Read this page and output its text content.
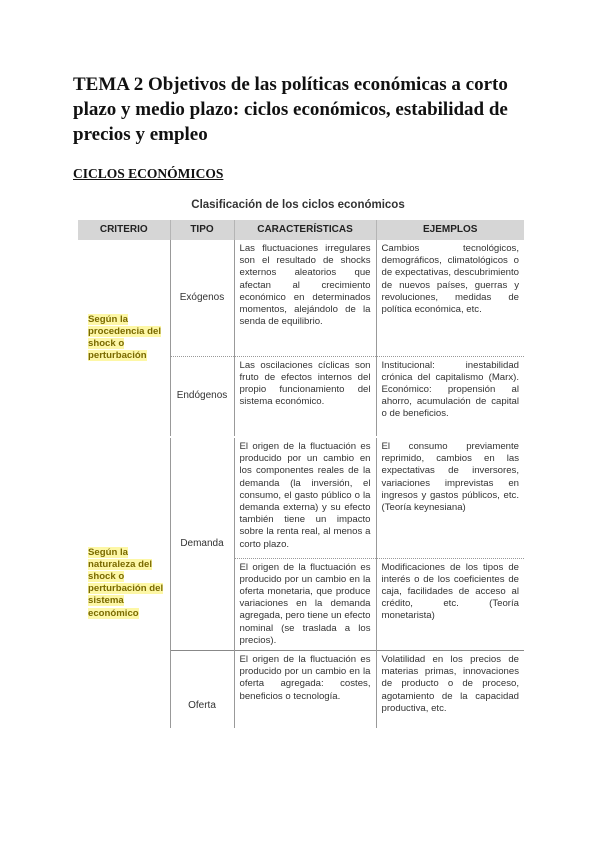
TEMA 2 Objetivos de las políticas económicas a corto plazo y medio plazo: ciclos económicos, estabilidad de precios y empleo
CICLOS ECONÓMICOS
Clasificación de los ciclos económicos
CRITERIO	TIPO	CARACTERÍSTICAS	EJEMPLOS
Según la procedencia del shock o perturbación	Exógenos	Las fluctuaciones irregulares son el resultado de shocks externos aleatorios que afectan al crecimiento económico en determinados momentos, alejándolo de la senda de equilibrio.	Cambios tecnológicos, demográficos, climatológicos o de expectativas, descubrimiento de nuevos países, guerras y revoluciones, medidas de política económica, etc.
	Endógenos	Las oscilaciones cíclicas son fruto de efectos internos del propio funcionamiento del sistema económico.	Institucional: inestabilidad crónica del capitalismo (Marx). Económico: propensión al ahorro, acumulación de capital o de beneficios.
Según la naturaleza del shock o perturbación del sistema económico	Demanda	El origen de la fluctuación es producido por un cambio en los componentes reales de la demanda (la inversión, el consumo, el gasto público o la demanda externa) y su efecto también tiene un impacto sobre la renta real, al menos a corto plazo.	El consumo previamente reprimido, cambios en las expectativas de inversores, variaciones imprevistas en ingresos y gastos públicos, etc. (Teoría keynesiana)
		El origen de la fluctuación es producido por un cambio en la oferta monetaria, que produce variaciones en la demanda agregada, pero tiene un efecto nominal (se traslada a los precios).	Modificaciones de los tipos de interés o de los coeficientes de caja, facilidades de acceso al crédito, etc. (Teoría monetarista)
	Oferta	El origen de la fluctuación es producido por un cambio en la oferta agregada: costes, beneficios o tecnología.	Volatilidad en los precios de materias primas, innovaciones de producto o de proceso, agotamiento de la capacidad productiva, etc.
